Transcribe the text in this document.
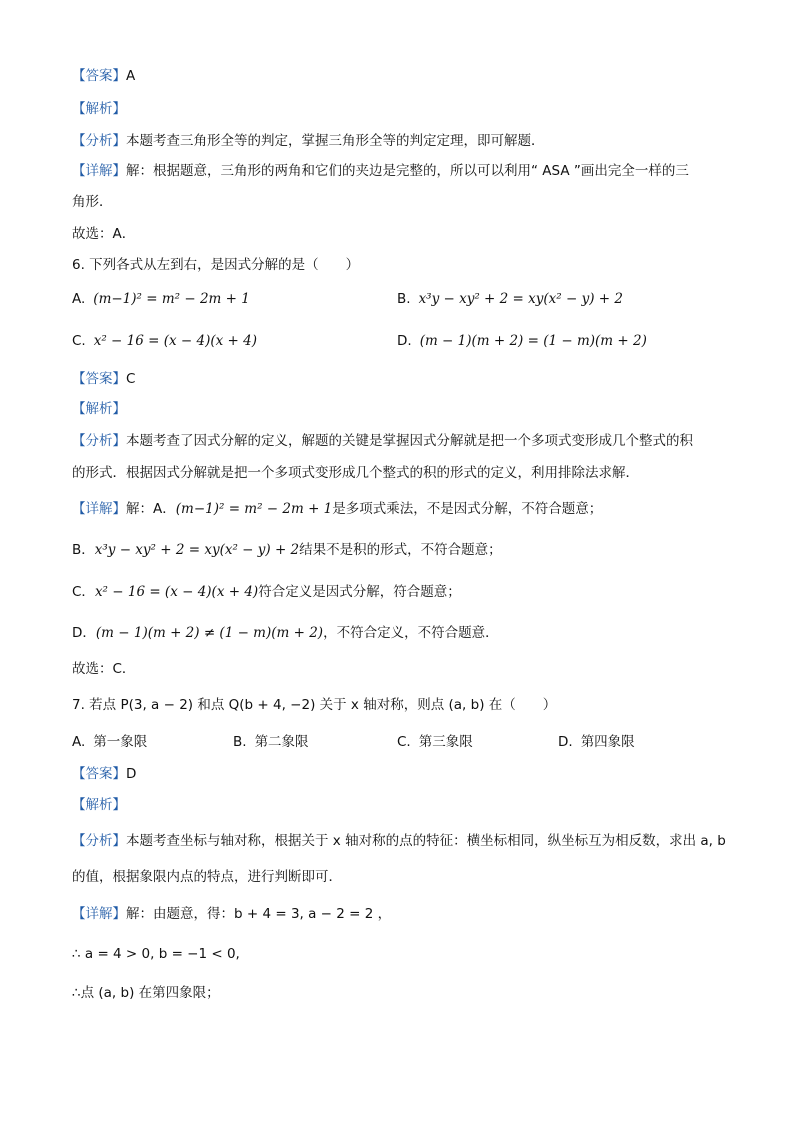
【答案】A
【解析】
【分析】本题考查三角形全等的判定，掌握三角形全等的判定定理，即可解题．
【详解】解：根据题意，三角形的两角和它们的夹边是完整的，所以可以利用“ ASA ”画出完全一样的三
角形．
故选：A．
6. 下列各式从左到右，是因式分解的是（　　）
A. (m−1)² = m² − 2m + 1	B. x³y − xy² + 2 = xy(x² − y) + 2
C. x² − 16 = (x − 4)(x + 4)	D. (m − 1)(m + 2) = (1 − m)(m + 2)
【答案】C
【解析】
【分析】本题考查了因式分解的定义，解题的关键是掌握因式分解就是把一个多项式变形成几个整式的积
的形式．根据因式分解就是把一个多项式变形成几个整式的积的形式的定义，利用排除法求解．
【详解】解：A．(m−1)² = m² − 2m + 1是多项式乘法，不是因式分解，不符合题意；
B．x³y − xy² + 2 = xy(x² − y) + 2结果不是积的形式，不符合题意；
C．x² − 16 = (x − 4)(x + 4)符合定义是因式分解，符合题意；
D．(m − 1)(m + 2) ≠ (1 − m)(m + 2)，不符合定义，不符合题意．
故选：C．
7. 若点 P(3, a − 2) 和点 Q(b + 4, −2) 关于 x 轴对称，则点 (a, b) 在（　　）
A. 第一象限	B. 第二象限	C. 第三象限	D. 第四象限
【答案】D
【解析】
【分析】本题考查坐标与轴对称，根据关于 x 轴对称的点的特征：横坐标相同，纵坐标互为相反数，求出 a, b
的值，根据象限内点的特点，进行判断即可．
【详解】解：由题意，得：b + 4 = 3, a − 2 = 2 ，
∴ a = 4 > 0, b = −1 < 0,
∴点 (a, b) 在第四象限；
